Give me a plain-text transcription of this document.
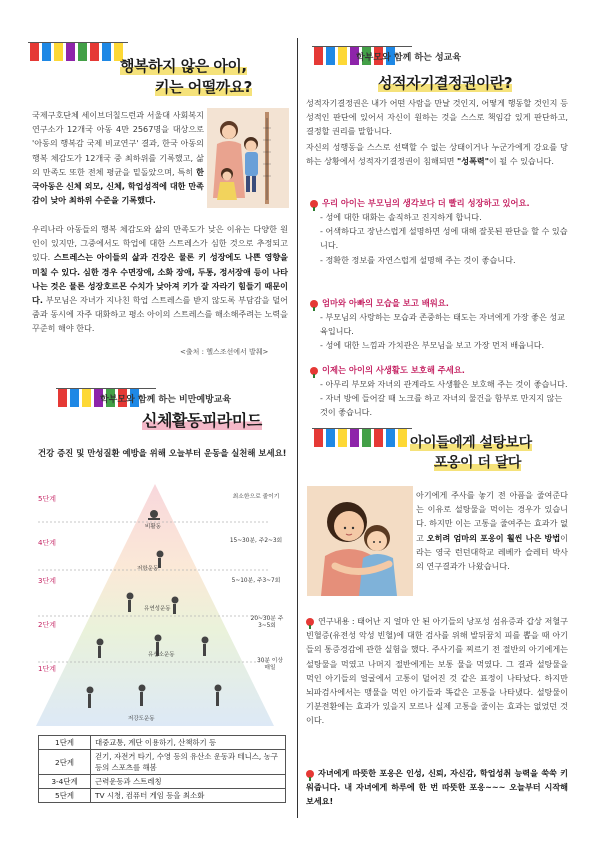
행복하지 않은 아이,
키는 어떨까요?
국제구호단체 세이브더칠드런과 서울대 사회복지연구소가 12개국 아동 4만 2567명을 대상으로 '아동의 행복감 국제 비교연구' 결과, 한국 아동의 행복 체감도가 12개국 중 최하위를 기록했고, 삶의 만족도 또한 전체 평균을 밑돌았으며, 특히 한국아동은 신체 외모, 신체, 학업성적에 대한 만족감이 낮아 최하위 수준을 기록했다.
우리나라 아동들의 행복 체감도와 삶의 만족도가 낮은 이유는 다양한 원인이 있지만, 그중에서도 학업에 대한 스트레스가 심한 것으로 추정되고 있다. 스트레스는 아이들의 삶과 건강은 물론 키 성장에도 나쁜 영향을 미칠 수 있다. 심한 경우 수면장애, 소화 장애, 두통, 정서장애 등이 나타나는 것은 물론 성장호르몬 수치가 낮아져 키가 잘 자라기 힘들기 때문이다. 부모님은 자녀가 지나친 학업 스트레스를 받지 않도록 부담감을 덜어줌과 동시에 자주 대화하고 평소 아이의 스트레스를 해소해주려는 노력을 꾸준히 해야 한다.
<출처 : 헬스조선에서 발췌>
학부모와 함께 하는 비만예방교육
신체활동피라미드
건강 증진 및 만성질환 예방을 위해 오늘부터 운동을 실천해 보세요!
5단계
4단계
3단계
2단계
1단계
최소한으로 줄이기
15~30분, 주2~3회
5~10분, 주3~7회
20~30분 주3~5회
30분 이상 매일
비활동
저항운동
유연성운동
유산소운동
저강도운동
1단계	대중교통, 계단 이용하기, 산책하기 등
2단계	걷기, 자전거 타기, 수영 등의 유산소 운동과 테니스, 농구 등의 스포츠를 해봄
3-4단계	근력운동과 스트레칭
5단계	TV 시청, 컴퓨터 게임 등을 최소화
학부모와 함께 하는 성교육
성적자기결정권이란?
성적자기결정권은 내가 어떤 사람을 만날 것인지, 어떻게 행동할 것인지 등 성적인 판단에 있어서 자신이 원하는 것을 스스로 책임감 있게 판단하고, 결정할 권리를 말합니다.
자신의 성행동을 스스로 선택할 수 없는 상태이거나 누군가에게 강요를 당하는 상황에서 성적자기결정권이 침해되면 "성폭력"이 될 수 있습니다.
우리 아이는 부모님의 생각보다 더 빨리 성장하고 있어요.
- 성에 대한 대화는 솔직하고 진지하게 합니다.
- 어색하다고 장난스럽게 설명하면 성에 대해 잘못된 판단을 할 수 있습니다.
- 정확한 정보를 자연스럽게 설명해 주는 것이 좋습니다.
엄마와 아빠의 모습을 보고 배워요.
- 부모님의 사랑하는 모습과 존중하는 태도는 자녀에게 가장 좋은 성교육입니다.
- 성에 대한 느낌과 가치관은 부모님을 보고 가장 먼저 배웁니다.
이제는 아이의 사생활도 보호해 주세요.
- 아무리 부모와 자녀의 관계라도 사생활은 보호해 주는 것이 좋습니다.
- 자녀 방에 들어갈 때 노크를 하고 자녀의 물건을 함부로 만지지 않는 것이 좋습니다.
아이들에게 설탕보다
포옹이 더 달다
아기에게 주사를 놓기 전 아픔을 줄여준다는 이유로 설탕물을 먹이는 경우가 있습니다. 하지만 이는 고통을 줄여주는 효과가 없고 오히려 엄마의 포옹이 훨씬 나은 방법이라는 영국 런던대학교 레베카 슬레터 박사의 연구결과가 나왔습니다.
연구내용 : 태어난 지 얼마 안 된 아기들의 낭포성 섬유증과 갑상 저혈구 빈혈증(유전성 악성 빈혈)에 대한 검사를 위해 발뒤꿈치 피를 뽑을 때 아기들의 통증경감에 관한 실험을 했다. 주사기를 찌르기 전 절반의 아기에게는 설탕물을 먹였고 나머지 절반에게는 보통 물을 먹였다. 그 결과 설탕물을 먹인 아기들의 얼굴에서 고통이 덜어진 것 같은 표정이 나타났다. 하지만 뇌파검사에서는 맹물을 먹인 아기들과 똑같은 고통을 나타냈다. 설탕물이 기분전환에는 효과가 있을지 모르나 실제 고통을 줄이는 효과는 없었던 것이다.
자녀에게 따뜻한 포옹은 인성, 신뢰, 자신감, 학업성취 능력을 쑥쑥 키워줍니다. 내 자녀에게 하루에 한 번 따뜻한 포옹~~~ 오늘부터 시작해 보세요!
